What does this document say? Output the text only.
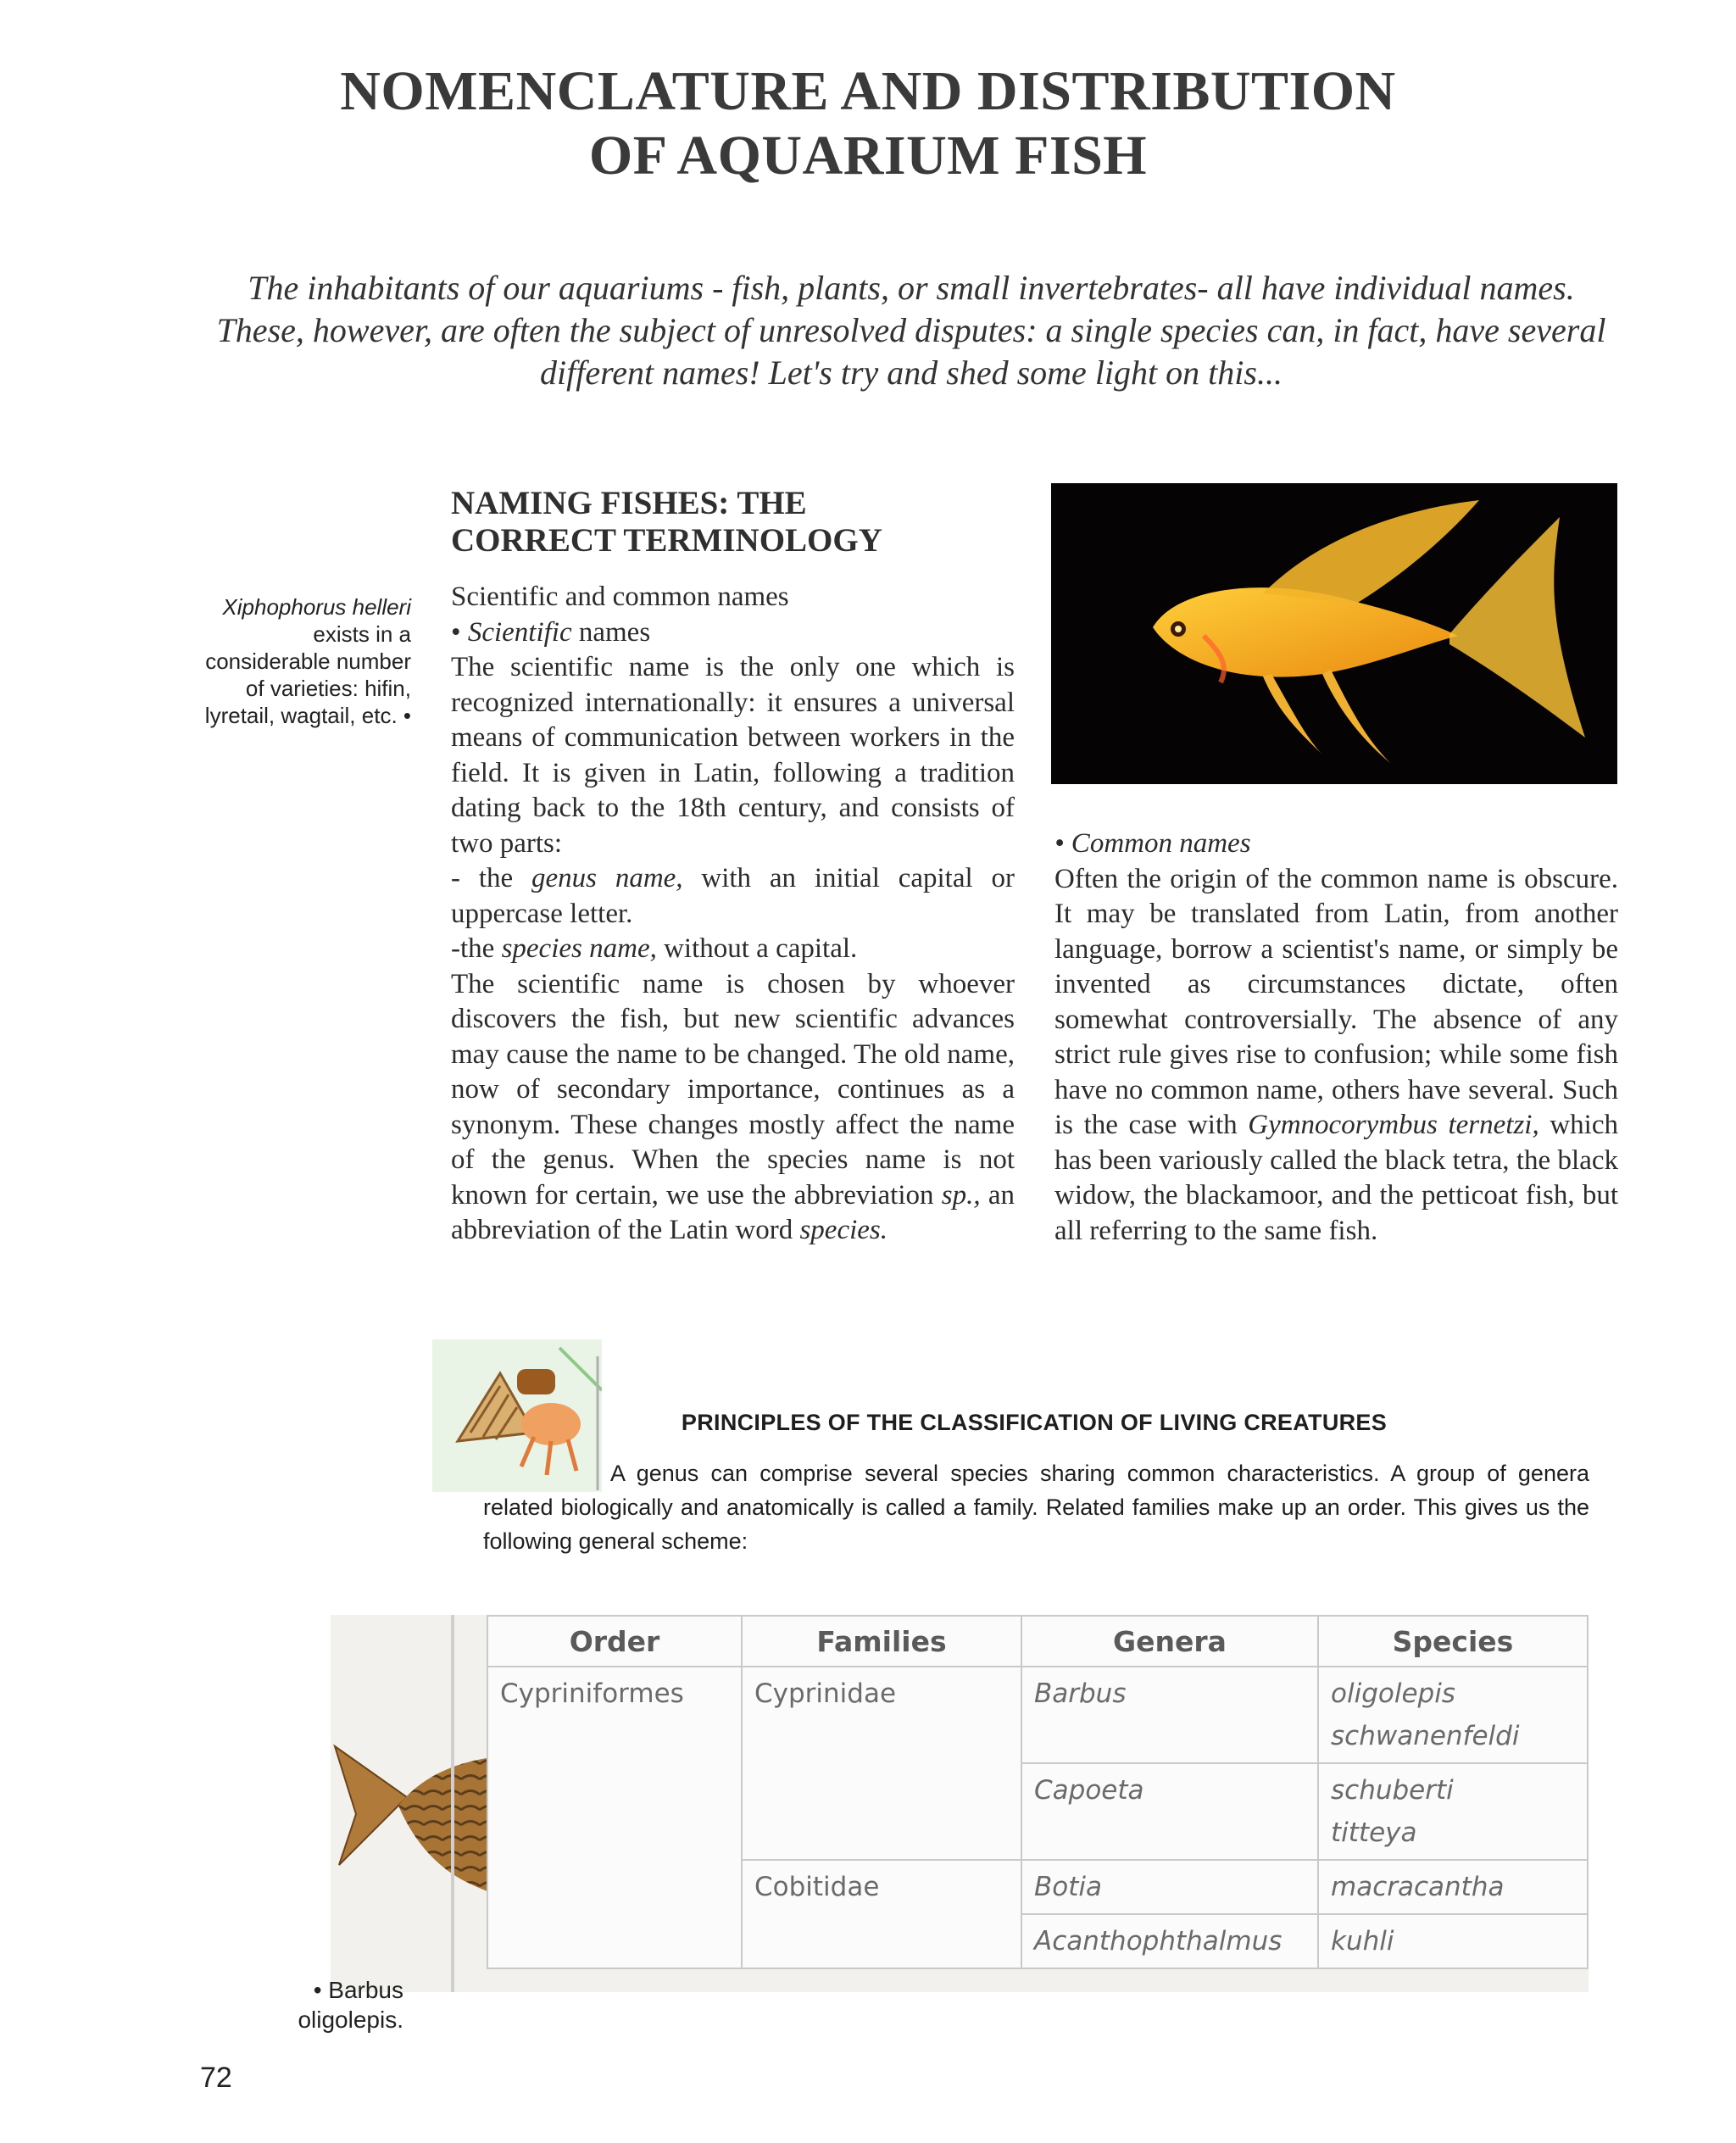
NOMENCLATURE AND DISTRIBUTION
OF AQUARIUM FISH
The inhabitants of our aquariums - fish, plants, or small invertebrates- all have individual names. These, however, are often the subject of unresolved disputes: a single species can, in fact, have several different names! Let's try and shed some light on this...
NAMING FISHES: THE
CORRECT TERMINOLOGY
Xiphophorus helleri exists in a considerable number of varieties: hifin, lyretail, wagtail, etc. •

Scientific and common names

• Scientific names

The scientific name is the only one which is recognized internationally: it ensures a universal means of communication between workers in the field. It is given in Latin, following a tradition dating back to the 18th century, and consists of two parts:

- the genus name, with an initial capital or uppercase letter.

-the species name, without a capital.

The scientific name is chosen by whoever discovers the fish, but new scientific advances may cause the name to be changed. The old name, now of secondary importance, continues as a synonym. These changes mostly affect the name of the genus. When the species name is not known for certain, we use the abbreviation sp., an abbreviation of the Latin word species.

• Common names

Often the origin of the common name is obscure. It may be translated from Latin, from another language, borrow a scientist's name, or simply be invented as circumstances dictate, often somewhat controversially. The absence of any strict rule gives rise to confusion; while some fish have no common name, others have several. Such is the case with Gymnocorymbus ternetzi, which has been variously called the black tetra, the black widow, the blackamoor, and the petticoat fish, but all referring to the same fish.

PRINCIPLES OF THE CLASSIFICATION OF LIVING CREATURES
A genus can comprise several species sharing common characteristics. A group of genera related biologically and anatomically is called a family. Related families make up an order. This gives us the following general scheme:
Order	Families	Genera	Species
Cypriniformes	Cyprinidae	Barbus	oligolepis
schwanenfeldi

		Capoeta	schuberti
titteya

	Cobitidae	Botia	macracantha

		Acanthophthalmus	kuhli
• Barbus
oligolepis.
72
